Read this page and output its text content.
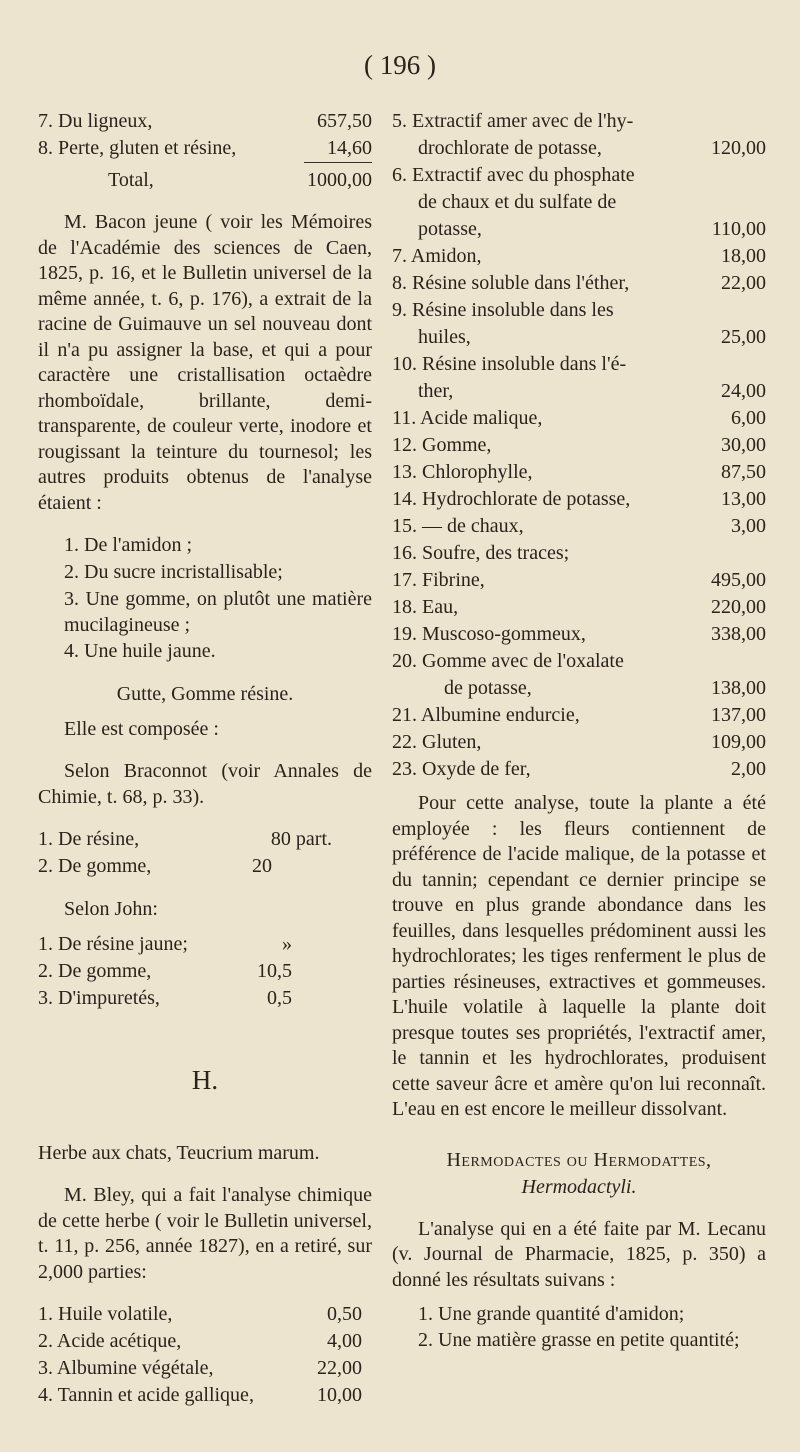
( 196 )
7. Du ligneux,	657,50
8. Perte, gluten et résine,	14,60
Total,	1000,00

M. Bacon jeune ( voir les Mémoires de l'Académie des sciences de Caen, 1825, p. 16, et le Bulletin universel de la même année, t. 6, p. 176), a extrait de la racine de Guimauve un sel nouveau dont il n'a pu assigner la base, et qui a pour caractère une cristallisation octaèdre rhomboïdale, brillante, demi-transparente, de couleur verte, inodore et rougissant la teinture du tournesol; les autres produits obtenus de l'analyse étaient :

1. De l'amidon ;
2. Du sucre incristallisable;

3. Une gomme, on plutôt une matière mucilagineuse ;

4. Une huile jaune.
Gutte, Gomme résine.
Elle est composée :

Selon Braconnot (voir Annales de Chimie, t. 68, p. 33).

1. De résine,	80 part.
2. De gomme,	20
Selon John:
1. De résine jaune;	»
2. De gomme,	10,5
3. D'impuretés,	0,5
H.
Herbe aux chats, Teucrium marum.

M. Bley, qui a fait l'analyse chimique de cette herbe ( voir le Bulletin universel, t. 11, p. 256, année 1827), en a retiré, sur 2,000 parties:

1. Huile volatile,	0,50
2. Acide acétique,	4,00
3. Albumine végétale,	22,00
4. Tannin et acide gallique,	10,00
5. Extractif amer avec de l'hy-
drochlorate de potasse,	120,00
6. Extractif avec du phosphate
de chaux et du sulfate de
potasse,	110,00
7. Amidon,	18,00
8. Résine soluble dans l'éther,	22,00
9. Résine insoluble dans les
huiles,	25,00
10. Résine insoluble dans l'é-
ther,	24,00
11. Acide malique,	6,00
12. Gomme,	30,00
13. Chlorophylle,	87,50
14. Hydrochlorate de potasse,	13,00
15. — de chaux,	3,00
16. Soufre, des traces;
17. Fibrine,	495,00
18. Eau,	220,00
19. Muscoso-gommeux,	338,00
20. Gomme avec de l'oxalate
de potasse,	138,00
21. Albumine endurcie,	137,00
22. Gluten,	109,00
23. Oxyde de fer,	2,00

Pour cette analyse, toute la plante a été employée : les fleurs contiennent de préférence de l'acide malique, de la potasse et du tannin; cependant ce dernier principe se trouve en plus grande abondance dans les feuilles, dans lesquelles prédominent aussi les hydrochlorates; les tiges renferment le plus de parties résineuses, extractives et gommeuses. L'huile volatile à laquelle la plante doit presque toutes ses propriétés, l'extractif amer, le tannin et les hydrochlorates, produisent cette saveur âcre et amère qu'on lui reconnaît. L'eau en est encore le meilleur dissolvant.

Hermodactes ou Hermodattes,
Hermodactyli.

L'analyse qui en a été faite par M. Lecanu (v. Journal de Pharmacie, 1825, p. 350) a donné les résultats suivans :

1. Une grande quantité d'amidon;

2. Une matière grasse en petite quantité;
